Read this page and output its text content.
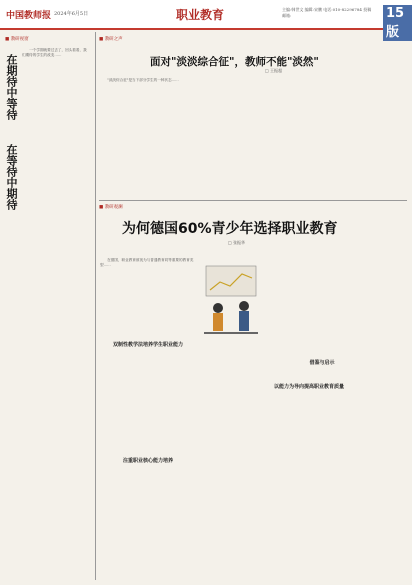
中国教师报 2024年6月5日	职业教育	主编:韩世文 编辑:宋鹏 电话:010-82296784 投稿邮箱:	15版
■ 教研视窗
在期待中等待
在等待中期待
　　一个学期就要过去了，回头看看，我们期待的学生的改变……
■ 教研之声
面对"淡淡综合征"，教师不能"淡然"
□ 王振超
　　"淡淡综合征"是当下部分学生的一种状态……
■ 教研观澜
为何德国60%青少年选择职业教育
□ 张振华
　　在德国，职业教育被视为与普通教育同等重要的教育类型……
双制性教学法培养学生职业能力
注重职业核心能力培养
以能力为导向提高职业教育质量
借鉴与启示
